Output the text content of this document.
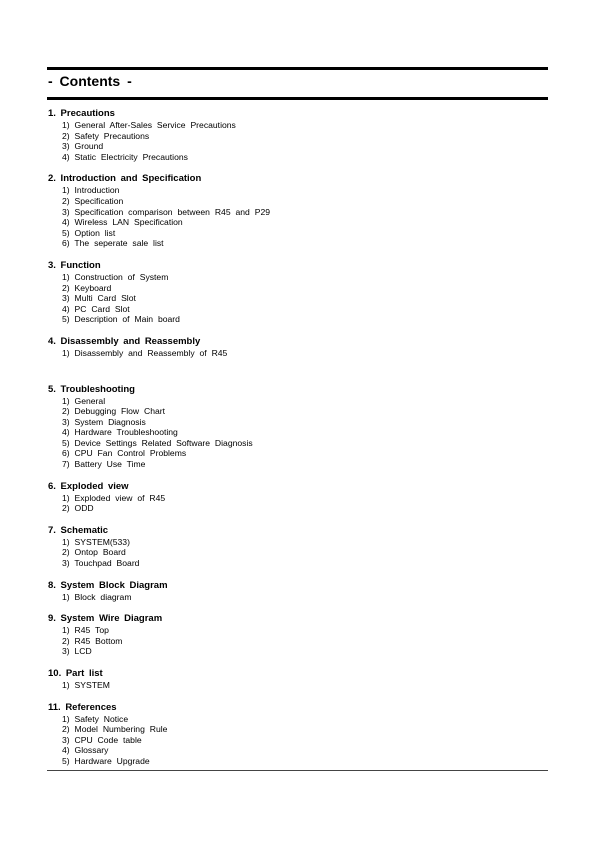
- Contents -
1. Precautions
1) General After-Sales Service Precautions
2) Safety Precautions
3) Ground
4) Static Electricity Precautions
2. Introduction and Specification
1) Introduction
2) Specification
3) Specification comparison between R45 and P29
4) Wireless LAN Specification
5) Option list
6) The seperate sale list
3. Function
1) Construction of System
2) Keyboard
3) Multi Card Slot
4) PC Card Slot
5) Description of Main board
4. Disassembly and Reassembly
1) Disassembly and Reassembly of R45
5. Troubleshooting
1) General
2) Debugging Flow Chart
3) System Diagnosis
4) Hardware Troubleshooting
5) Device Settings Related Software Diagnosis
6) CPU Fan Control Problems
7) Battery Use Time
6. Exploded view
1) Exploded view of R45
2) ODD
7. Schematic
1) SYSTEM(533)
2) Ontop Board
3) Touchpad Board
8. System Block Diagram
1) Block diagram
9. System Wire Diagram
1) R45 Top
2) R45 Bottom
3) LCD
10. Part list
1) SYSTEM
11. References
1) Safety Notice
2) Model Numbering Rule
3) CPU Code table
4) Glossary
5) Hardware Upgrade
